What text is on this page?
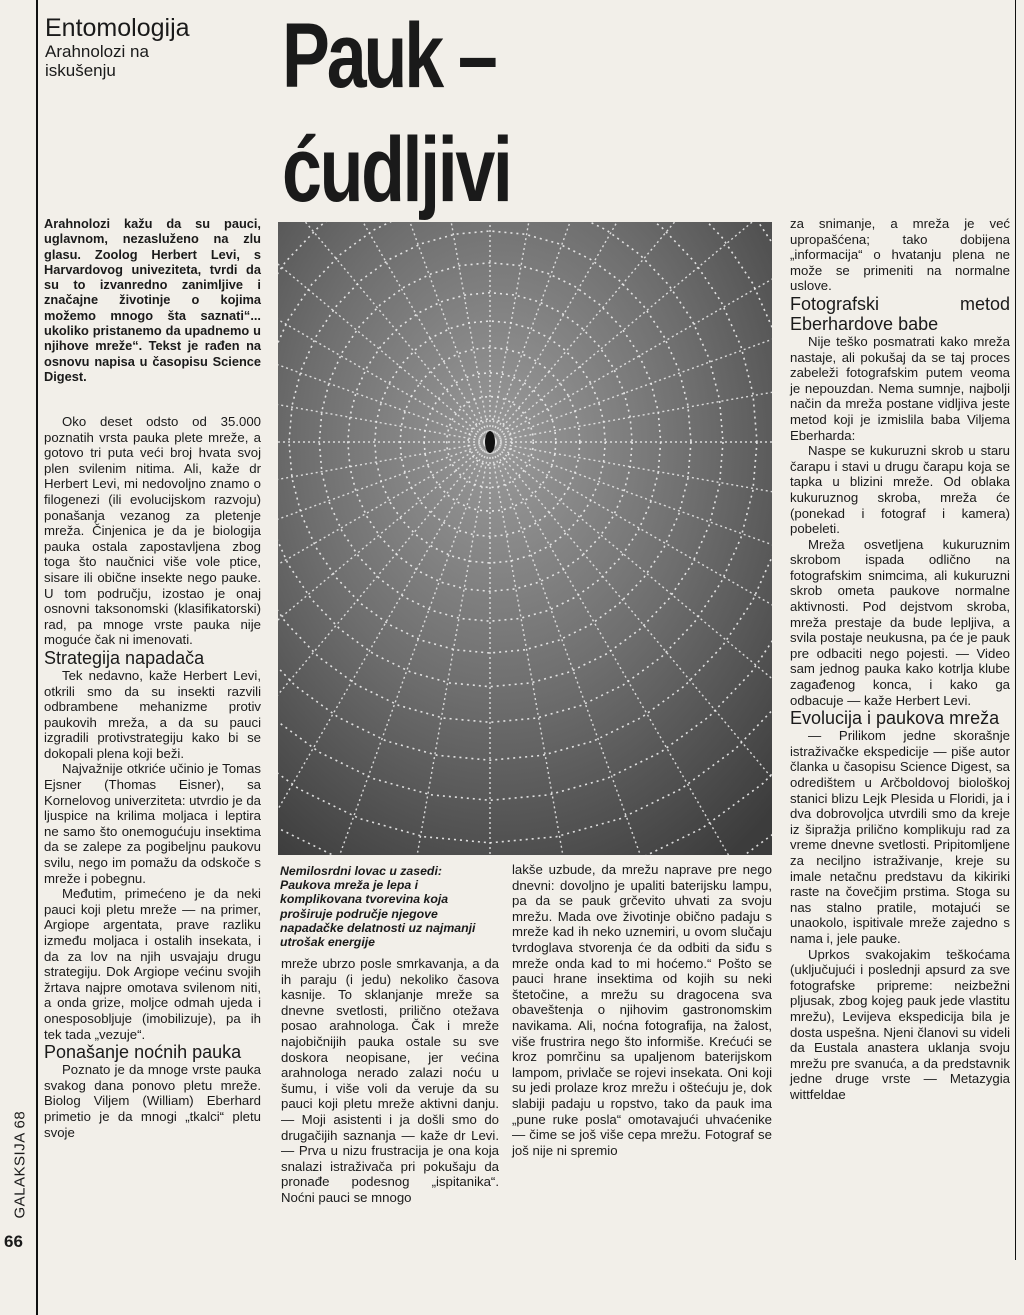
GALAKSIJA 68
66
Entomologija
Arahnolozi na iskušenju	Pauk –
ćudljivi
Arahnolozi kažu da su pauci, uglavnom, nezasluženo na zlu glasu. Zoolog Herbert Levi, s Harvardovog univeziteta, tvrdi da su to izvanredno zanimljive i značajne životinje o kojima možemo mnogo šta saznati“... ukoliko pristanemo da upadnemo u njihove mreže“. Tekst je rađen na osnovu napisa u časopisu Science Digest.

Oko deset odsto od 35.000 poznatih vrsta pauka plete mreže, a gotovo tri puta veći broj hvata svoj plen svilenim nitima. Ali, kaže dr Herbert Levi, mi nedovoljno znamo o filogenezi (ili evolucijskom razvoju) ponašanja vezanog za pletenje mreža. Činjenica je da je biologija pauka ostala zapostavljena zbog toga što naučnici više vole ptice, sisare ili obične insekte nego pauke. U tom području, izostao je onaj osnovni taksonomski (klasifikatorski) rad, pa mnoge vrste pauka nije moguće čak ni imenovati.

Strategija napadača

Tek nedavno, kaže Herbert Levi, otkrili smo da su insekti razvili odbrambene mehanizme protiv paukovih mreža, a da su pauci izgradili protivstrategiju kako bi se dokopali plena koji beži.

Najvažnije otkriće učinio je Tomas Ejsner (Thomas Eisner), sa Kornelovog univerziteta: utvrdio je da ljuspice na krilima moljaca i leptira ne samo što onemogućuju insektima da se zalepe za pogibeljnu paukovu svilu, nego im pomažu da odskoče s mreže i pobegnu.

Međutim, primećeno je da neki pauci koji pletu mreže — na primer, Argiope argentata, prave razliku između moljaca i ostalih insekata, i da za lov na njih usvajaju drugu strategiju. Dok Argiope većinu svojih žrtava najpre omotava svilenom niti, a onda grize, moljce odmah ujeda i onesposobljuje (imobilizuje), pa ih tek tada „vezuje“.

Ponašanje noćnih pauka

Poznato je da mnoge vrste pauka svakog dana ponovo pletu mreže. Biolog Viljem (William) Eberhard primetio je da mnogi „tkalci“ pletu svoje

Nemilosrdni lovac u zasedi: Paukova mreža je lepa i komplikovana tvorevina koja proširuje područje njegove napadačke delatnosti uz najmanji utrošak energije

mreže ubrzo posle smrkavanja, a da ih paraju (i jedu) nekoliko časova kasnije. To sklanjanje mreže sa dnevne svetlosti, prilično otežava posao arahnologa. Čak i mreže najobičnijih pauka ostale su sve doskora neopisane, jer većina arahnologa nerado zalazi noću u šumu, i više voli da veruje da su pauci koji pletu mreže aktivni danju. — Moji asistenti i ja došli smo do drugačijih saznanja — kaže dr Levi. — Prva u nizu frustracija je ona koja snalazi istraživača pri pokušaju da pronađe podesnog „ispitanika“. Noćni pauci se mnogo

lakše uzbude, da mrežu naprave pre nego dnevni: dovoljno je upaliti baterijsku lampu, pa da se pauk grčevito uhvati za svoju mrežu. Mada ove životinje obično padaju s mreže kad ih neko uznemiri, u ovom slučaju tvrdoglava stvorenja će da odbiti da siđu s mreže onda kad to mi hoćemo.“ Pošto se pauci hrane insektima od kojih su neki štetočine, a mrežu su dragocena sva obaveštenja o njihovim gastronomskim navikama. Ali, noćna fotografija, na žalost, više frustrira nego što informiše. Krećući se kroz pomrčinu sa upaljenom baterijskom lampom, privlače se rojevi insekata. Oni koji su jedi prolaze kroz mrežu i oštećuju je, dok slabiji padaju u ropstvo, tako da pauk ima „pune ruke posla“ omotavajući uhvaćenike — čime se još više cepa mrežu. Fotograf se još nije ni spremio

za snimanje, a mreža je već upropašćena; tako dobijena „informacija“ o hvatanju plena ne može se primeniti na normalne uslove.

Fotografski metod Eberhardove babe

Nije teško posmatrati kako mreža nastaje, ali pokušaj da se taj proces zabeleži fotografskim putem veoma je nepouzdan. Nema sumnje, najbolji način da mreža postane vidljiva jeste metod koji je izmislila baba Viljema Eberharda:

Naspe se kukuruzni skrob u staru čarapu i stavi u drugu čarapu koja se tapka u blizini mreže. Od oblaka kukuruznog skroba, mreža će (ponekad i fotograf i kamera) pobeleti.

Mreža osvetljena kukuruznim skrobom ispada odlično na fotografskim snimcima, ali kukuruzni skrob ometa paukove normalne aktivnosti. Pod dejstvom skroba, mreža prestaje da bude lepljiva, a svila postaje neukusna, pa će je pauk pre odbaciti nego pojesti. — Video sam jednog pauka kako kotrlja klube zagađenog konca, i kako ga odbacuje — kaže Herbert Levi.

Evolucija i paukova mreža

— Prilikom jedne skorašnje istraživačke ekspedicije — piše autor članka u časopisu Science Digest, sa odredištem u Arčboldovoj biološkoj stanici blizu Lejk Plesida u Floridi, ja i dva dobrovoljca utvrdili smo da kreje iz šipražja prilično komplikuju rad za vreme dnevne svetlosti. Pripitomljene za neciljno istraživanje, kreje su imale netačnu predstavu da kikiriki raste na čovečjim prstima. Stoga su nas stalno pratile, motajući se unaokolo, ispitivale mreže zajedno s nama i, jele pauke.

Uprkos svakojakim teškoćama (uključujući i poslednji apsurd za sve fotografske pripreme: neizbežni pljusak, zbog kojeg pauk jede vlastitu mrežu), Levijeva ekspedicija bila je dosta uspešna. Njeni članovi su videli da Eustala anastera uklanja svoju mrežu pre svanuća, a da predstavnik jedne druge vrste — Metazygia wittfeldae
